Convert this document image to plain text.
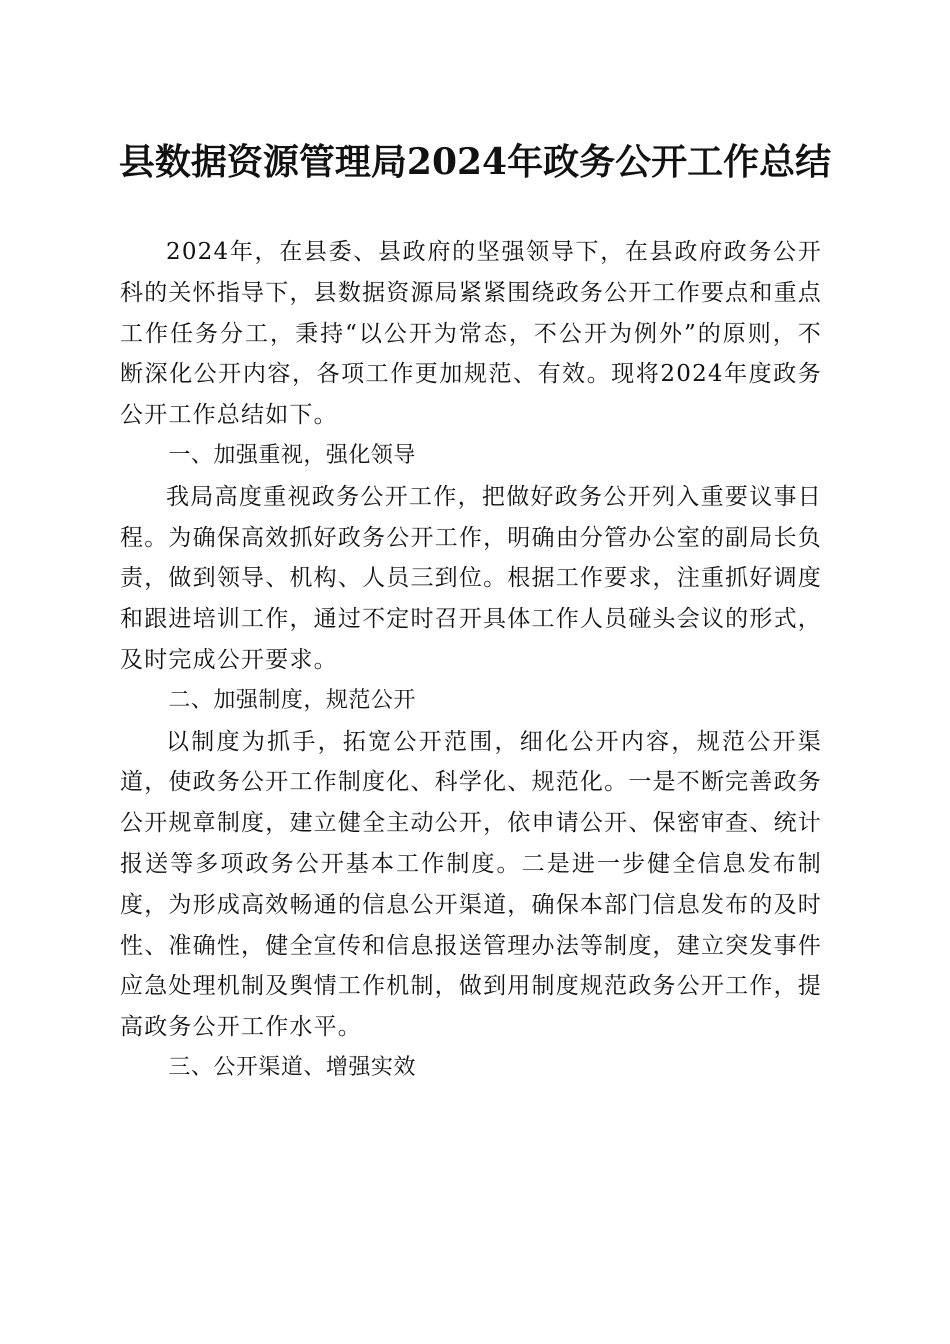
县数据资源管理局2024年政务公开工作总结

2024年，在县委、县政府的坚强领导下，在县政府政务公开科的关怀指导下，县数据资源局紧紧围绕政务公开工作要点和重点工作任务分工，秉持“以公开为常态，不公开为例外”的原则，不断深化公开内容，各项工作更加规范、有效。现将2024年度政务公开工作总结如下。

一、加强重视，强化领导

我局高度重视政务公开工作，把做好政务公开列入重要议事日程。为确保高效抓好政务公开工作，明确由分管办公室的副局长负责，做到领导、机构、人员三到位。根据工作要求，注重抓好调度和跟进培训工作，通过不定时召开具体工作人员碰头会议的形式，及时完成公开要求。

二、加强制度，规范公开

以制度为抓手，拓宽公开范围，细化公开内容，规范公开渠道，使政务公开工作制度化、科学化、规范化。一是不断完善政务公开规章制度，建立健全主动公开，依申请公开、保密审查、统计报送等多项政务公开基本工作制度。二是进一步健全信息发布制度，为形成高效畅通的信息公开渠道，确保本部门信息发布的及时性、准确性，健全宣传和信息报送管理办法等制度，建立突发事件应急处理机制及舆情工作机制，做到用制度规范政务公开工作，提高政务公开工作水平。

三、公开渠道、增强实效
